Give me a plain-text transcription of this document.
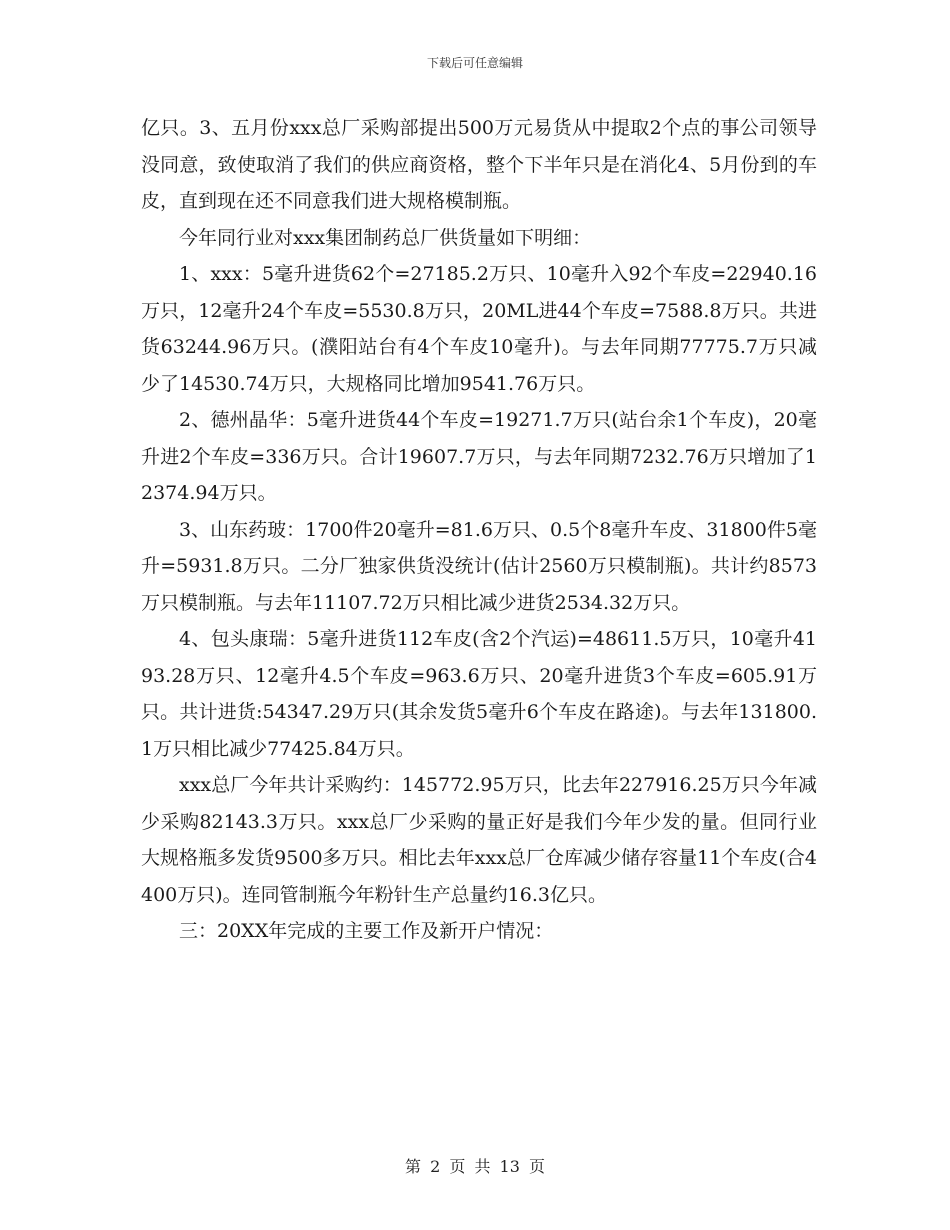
下载后可任意编辑

亿只。3、五月份xxx总厂采购部提出500万元易货从中提取2个点的事公司领导没同意，致使取消了我们的供应商资格，整个下半年只是在消化4、5月份到的车皮，直到现在还不同意我们进大规格模制瓶。

今年同行业对xxx集团制药总厂供货量如下明细：

1、xxx：5毫升进货62个=27185.2万只、10毫升入92个车皮=22940.16万只，12毫升24个车皮=5530.8万只，20ML进44个车皮=7588.8万只。共进货63244.96万只。(濮阳站台有4个车皮10毫升)。与去年同期77775.7万只减少了14530.74万只，大规格同比增加9541.76万只。

2、德州晶华：5毫升进货44个车皮=19271.7万只(站台余1个车皮)，20毫升进2个车皮=336万只。合计19607.7万只，与去年同期7232.76万只增加了12374.94万只。

3、山东药玻：1700件20毫升=81.6万只、0.5个8毫升车皮、31800件5毫升=5931.8万只。二分厂独家供货没统计(估计2560万只模制瓶)。共计约8573万只模制瓶。与去年11107.72万只相比减少进货2534.32万只。

4、包头康瑞：5毫升进货112车皮(含2个汽运)=48611.5万只，10毫升4193.28万只、12毫升4.5个车皮=963.6万只、20毫升进货3个车皮=605.91万只。共计进货:54347.29万只(其余发货5毫升6个车皮在路途)。与去年131800.1万只相比减少77425.84万只。

xxx总厂今年共计采购约：145772.95万只，比去年227916.25万只今年减少采购82143.3万只。xxx总厂少采购的量正好是我们今年少发的量。但同行业大规格瓶多发货9500多万只。相比去年xxx总厂仓库减少储存容量11个车皮(合4400万只)。连同管制瓶今年粉针生产总量约16.3亿只。

三：20XX年完成的主要工作及新开户情况：

第 2 页 共 13 页
